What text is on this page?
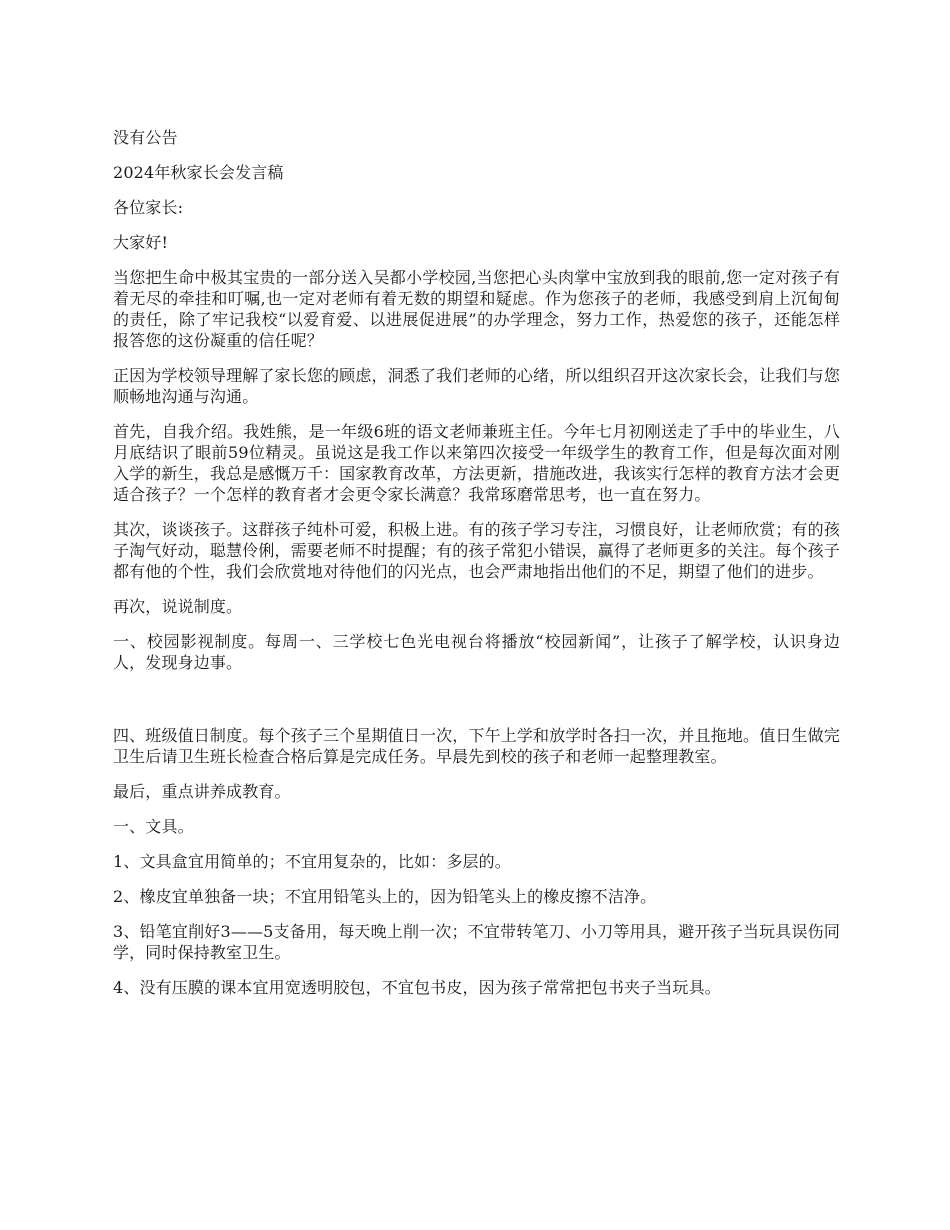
没有公告

2024年秋家长会发言稿

各位家长:

大家好!

当您把生命中极其宝贵的一部分送入吴都小学校园,当您把心头肉掌中宝放到我的眼前,您一定对孩子有着无尽的牵挂和叮嘱,也一定对老师有着无数的期望和疑虑。作为您孩子的老师，我感受到肩上沉甸甸的责任，除了牢记我校“以爱育爱、以进展促进展”的办学理念，努力工作，热爱您的孩子，还能怎样报答您的这份凝重的信任呢？

正因为学校领导理解了家长您的顾虑，洞悉了我们老师的心绪，所以组织召开这次家长会，让我们与您顺畅地沟通与沟通。

首先，自我介绍。我姓熊，是一年级6班的语文老师兼班主任。今年七月初刚送走了手中的毕业生，八月底结识了眼前59位精灵。虽说这是我工作以来第四次接受一年级学生的教育工作，但是每次面对刚入学的新生，我总是感慨万千：国家教育改革，方法更新，措施改进，我该实行怎样的教育方法才会更适合孩子？一个怎样的教育者才会更令家长满意？我常琢磨常思考，也一直在努力。

其次，谈谈孩子。这群孩子纯朴可爱，积极上进。有的孩子学习专注，习惯良好，让老师欣赏；有的孩子淘气好动，聪慧伶俐，需要老师不时提醒；有的孩子常犯小错误，赢得了老师更多的关注。每个孩子都有他的个性，我们会欣赏地对待他们的闪光点，也会严肃地指出他们的不足，期望了他们的进步。

再次，说说制度。

一、校园影视制度。每周一、三学校七色光电视台将播放“校园新闻”，让孩子了解学校，认识身边人，发现身边事。

四、班级值日制度。每个孩子三个星期值日一次，下午上学和放学时各扫一次，并且拖地。值日生做完卫生后请卫生班长检查合格后算是完成任务。早晨先到校的孩子和老师一起整理教室。

最后，重点讲养成教育。

一、文具。

1、文具盒宜用简单的；不宜用复杂的，比如：多层的。

2、橡皮宜单独备一块；不宜用铅笔头上的，因为铅笔头上的橡皮擦不洁净。

3、铅笔宜削好3——5支备用，每天晚上削一次；不宜带转笔刀、小刀等用具，避开孩子当玩具误伤同学，同时保持教室卫生。

4、没有压膜的课本宜用宽透明胶包，不宜包书皮，因为孩子常常把包书夹子当玩具。
